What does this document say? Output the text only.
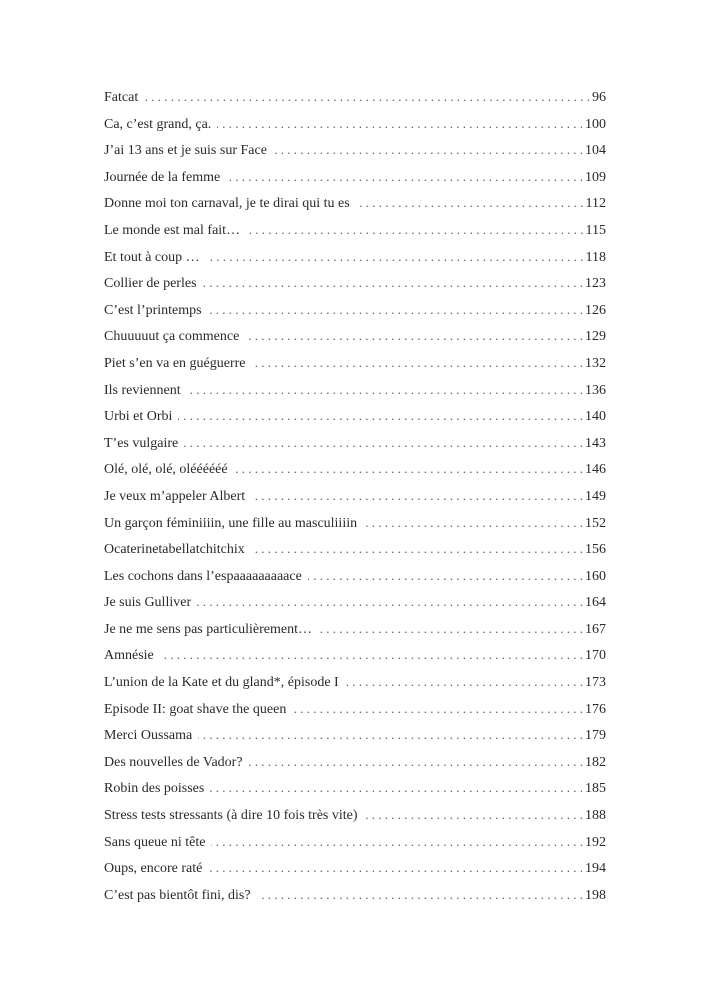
Fatcat . . .	96
Ca, c’est grand, ça. . . .	100
J’ai 13 ans et je suis sur Face . . .	104
Journée de la femme . . .	109
Donne moi ton carnaval, je te dirai qui tu es . . .	112
Le monde est mal fait… . . .	115
Et tout à coup … . . .	118
Collier de perles . . .	123
C’est l’printemps . . .	126
Chuuuuut ça commence . . .	129
Piet s’en va en guéguerre . . .	132
Ils reviennent . . .	136
Urbi et Orbi . . .	140
T’es vulgaire . . .	143
Olé, olé, olé, oléééééé . . .	146
Je veux m’appeler Albert . . .	149
Un garçon féminiiiin, une fille au masculiiiin . . .	152
Ocaterinetabellatchitchix . . .	156
Les cochons dans l’espaaaaaaaaace . . .	160
Je suis Gulliver . . .	164
Je ne me sens pas particulièrement… . . .	167
Amnésie . . .	170
L’union de la Kate et du gland*, épisode I . . .	173
Episode II: goat shave the queen . . .	176
Merci Oussama . . .	179
Des nouvelles de Vador? . . .	182
Robin des poisses . . .	185
Stress tests stressants (à dire 10 fois très vite) . . .	188
Sans queue ni tête . . .	192
Oups, encore raté . . .	194
C’est pas bientôt fini, dis? . . .	198
